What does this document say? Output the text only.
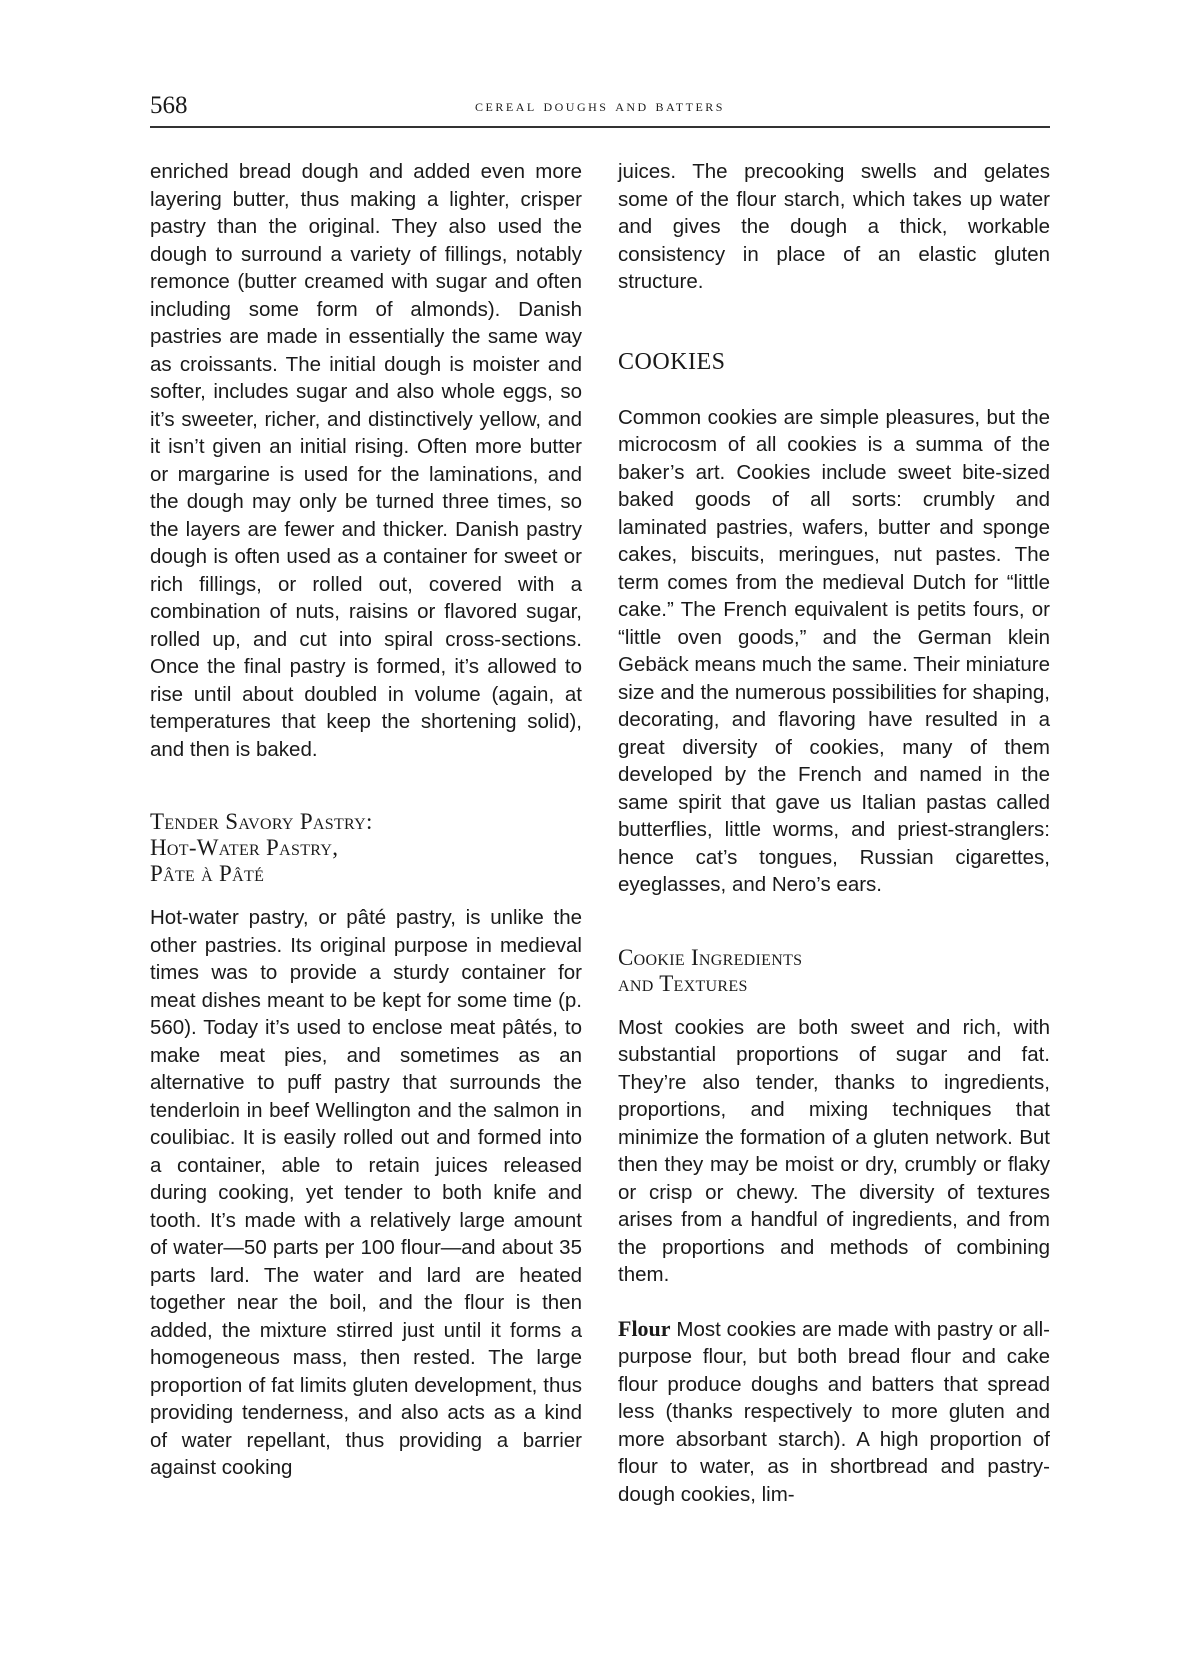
568	cereal doughs and batters

enriched bread dough and added even more layering butter, thus making a lighter, crisper pastry than the original. They also used the dough to surround a variety of fillings, notably remonce (butter creamed with sugar and often including some form of almonds). Danish pastries are made in essentially the same way as croissants. The initial dough is moister and softer, includes sugar and also whole eggs, so it’s sweeter, richer, and distinctively yellow, and it isn’t given an initial rising. Often more butter or margarine is used for the laminations, and the dough may only be turned three times, so the layers are fewer and thicker. Danish pastry dough is often used as a container for sweet or rich fillings, or rolled out, covered with a combination of nuts, raisins or flavored sugar, rolled up, and cut into spiral cross-sections. Once the final pastry is formed, it’s allowed to rise until about doubled in volume (again, at temperatures that keep the shortening solid), and then is baked.

Tender Savory Pastry:
Hot-Water Pastry,
Pâte à Pâté

Hot-water pastry, or pâté pastry, is unlike the other pastries. Its original purpose in medieval times was to provide a sturdy container for meat dishes meant to be kept for some time (p. 560). Today it’s used to enclose meat pâtés, to make meat pies, and sometimes as an alternative to puff pastry that surrounds the tenderloin in beef Wellington and the salmon in coulibiac. It is easily rolled out and formed into a container, able to retain juices released during cooking, yet tender to both knife and tooth. It’s made with a relatively large amount of water—50 parts per 100 flour—and about 35 parts lard. The water and lard are heated together near the boil, and the flour is then added, the mixture stirred just until it forms a homogeneous mass, then rested. The large proportion of fat limits gluten development, thus providing tenderness, and also acts as a kind of water repellant, thus providing a barrier against cooking

juices. The precooking swells and gelates some of the flour starch, which takes up water and gives the dough a thick, workable consistency in place of an elastic gluten structure.

COOKIES

Common cookies are simple pleasures, but the microcosm of all cookies is a summa of the baker’s art. Cookies include sweet bite-sized baked goods of all sorts: crumbly and laminated pastries, wafers, butter and sponge cakes, biscuits, meringues, nut pastes. The term comes from the medieval Dutch for “little cake.” The French equivalent is petits fours, or “little oven goods,” and the German klein Gebäck means much the same. Their miniature size and the numerous possibilities for shaping, decorating, and flavoring have resulted in a great diversity of cookies, many of them developed by the French and named in the same spirit that gave us Italian pastas called butterflies, little worms, and priest-stranglers: hence cat’s tongues, Russian cigarettes, eyeglasses, and Nero’s ears.

Cookie Ingredients
and Textures

Most cookies are both sweet and rich, with substantial proportions of sugar and fat. They’re also tender, thanks to ingredients, proportions, and mixing techniques that minimize the formation of a gluten network. But then they may be moist or dry, crumbly or flaky or crisp or chewy. The diversity of textures arises from a handful of ingredients, and from the proportions and methods of combining them.

Flour Most cookies are made with pastry or all-purpose flour, but both bread flour and cake flour produce doughs and batters that spread less (thanks respectively to more gluten and more absorbant starch). A high proportion of flour to water, as in shortbread and pastry-dough cookies, lim-
